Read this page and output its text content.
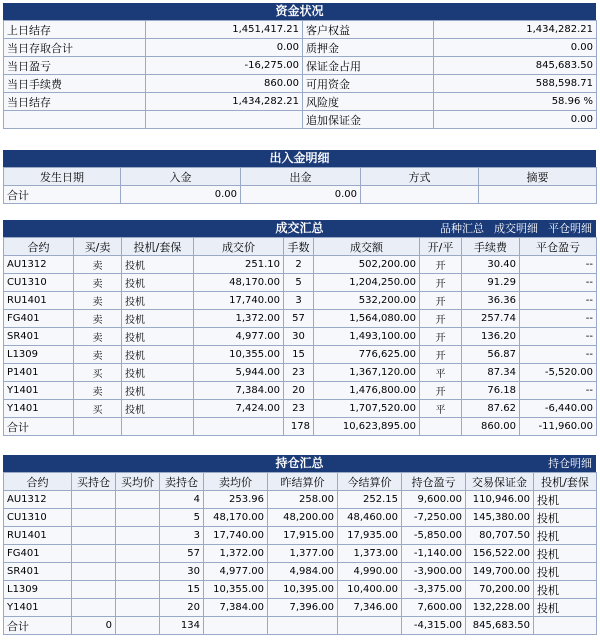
资金状况
上日结存	1,451,417.21	客户权益	1,434,282.21
当日存取合计	0.00	质押金	0.00
当日盈亏	-16,275.00	保证金占用	845,683.50
当日手续费	860.00	可用资金	588,598.71
当日结存	1,434,282.21	风险度	58.96 %
		追加保证金	0.00
出入金明细
发生日期	入金	出金	方式	摘要
合计	0.00	0.00		
成交汇总	品种汇总 成交明细 平仓明细
合约	买/卖	投机/套保	成交价	手数	成交额	开/平	手续费	平仓盈亏
AU1312	卖	投机	251.10	2	502,200.00	开	30.40	--
CU1310	卖	投机	48,170.00	5	1,204,250.00	开	91.29	--
RU1401	卖	投机	17,740.00	3	532,200.00	开	36.36	--
FG401	卖	投机	1,372.00	57	1,564,080.00	开	257.74	--
SR401	卖	投机	4,977.00	30	1,493,100.00	开	136.20	--
L1309	卖	投机	10,355.00	15	776,625.00	开	56.87	--
P1401	买	投机	5,944.00	23	1,367,120.00	平	87.34	-5,520.00
Y1401	卖	投机	7,384.00	20	1,476,800.00	开	76.18	--
Y1401	买	投机	7,424.00	23	1,707,520.00	平	87.62	-6,440.00
合计				178	10,623,895.00		860.00	-11,960.00
持仓汇总	持仓明细
合约	买持仓	买均价	卖持仓	卖均价	昨结算价	今结算价	持仓盈亏	交易保证金	投机/套保
AU1312			4	253.96	258.00	252.15	9,600.00	110,946.00	投机
CU1310			5	48,170.00	48,200.00	48,460.00	-7,250.00	145,380.00	投机
RU1401			3	17,740.00	17,915.00	17,935.00	-5,850.00	80,707.50	投机
FG401			57	1,372.00	1,377.00	1,373.00	-1,140.00	156,522.00	投机
SR401			30	4,977.00	4,984.00	4,990.00	-3,900.00	149,700.00	投机
L1309			15	10,355.00	10,395.00	10,400.00	-3,375.00	70,200.00	投机
Y1401			20	7,384.00	7,396.00	7,346.00	7,600.00	132,228.00	投机
合计	0		134				-4,315.00	845,683.50	
